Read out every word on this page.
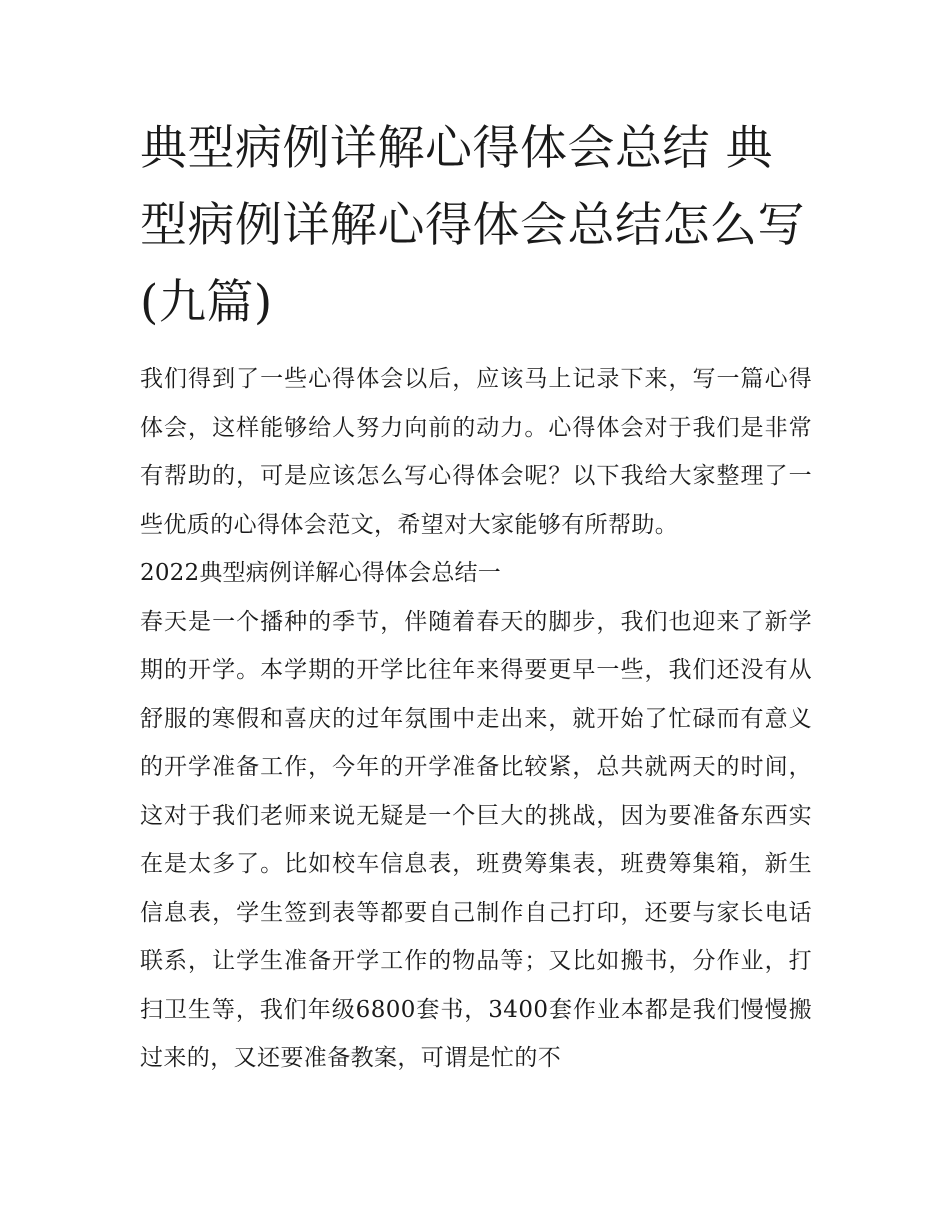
典型病例详解心得体会总结 典型病例详解心得体会总结怎么写(九篇)

我们得到了一些心得体会以后，应该马上记录下来，写一篇心得体会，这样能够给人努力向前的动力。心得体会对于我们是非常有帮助的，可是应该怎么写心得体会呢？以下我给大家整理了一些优质的心得体会范文，希望对大家能够有所帮助。

2022典型病例详解心得体会总结一

春天是一个播种的季节，伴随着春天的脚步，我们也迎来了新学期的开学。本学期的开学比往年来得要更早一些，我们还没有从舒服的寒假和喜庆的过年氛围中走出来，就开始了忙碌而有意义的开学准备工作，今年的开学准备比较紧，总共就两天的时间，这对于我们老师来说无疑是一个巨大的挑战，因为要准备东西实在是太多了。比如校车信息表，班费筹集表，班费筹集箱，新生信息表，学生签到表等都要自己制作自己打印，还要与家长电话联系，让学生准备开学工作的物品等；又比如搬书，分作业，打扫卫生等，我们年级6800套书，3400套作业本都是我们慢慢搬过来的，又还要准备教案，可谓是忙的不
